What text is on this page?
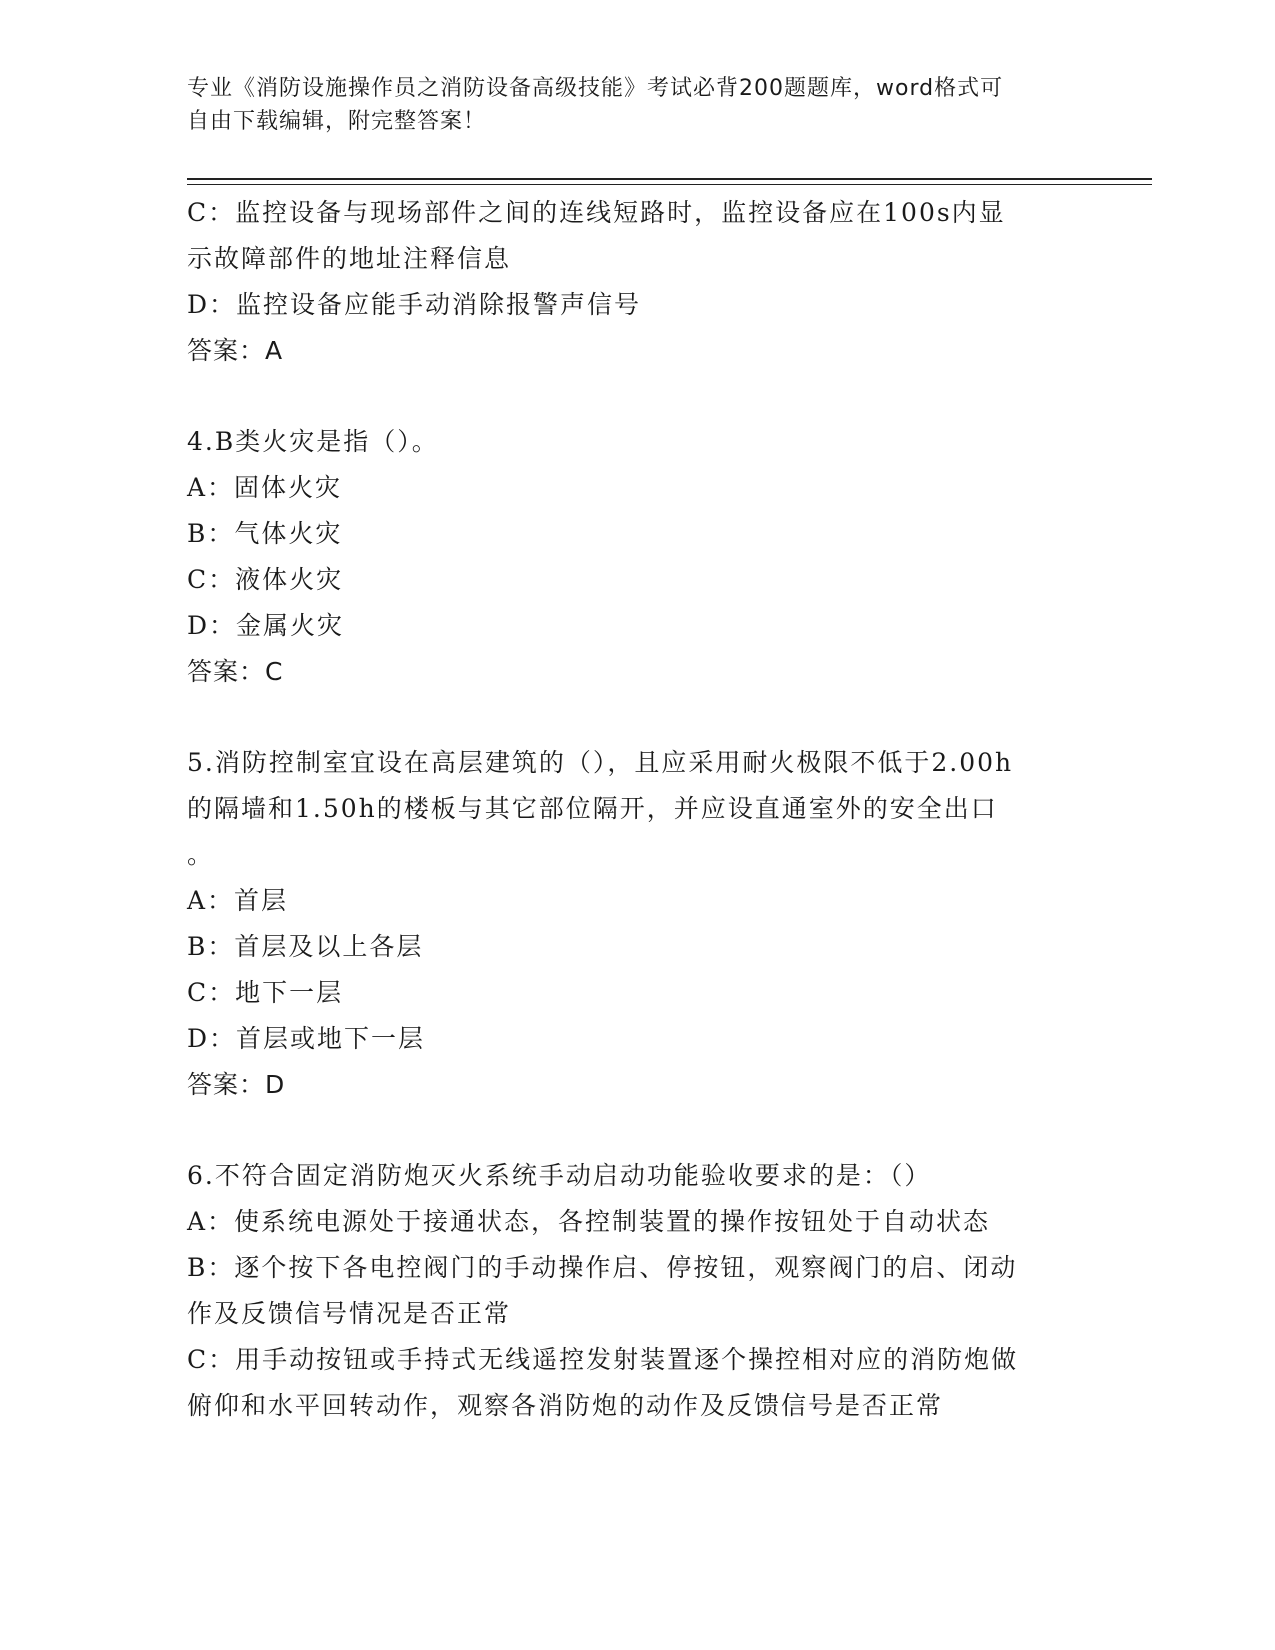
专业《消防设施操作员之消防设备高级技能》考试必背200题题库，word格式可
自由下载编辑，附完整答案！
C：监控设备与现场部件之间的连线短路时，监控设备应在100s内显
示故障部件的地址注释信息
D：监控设备应能手动消除报警声信号
答案：A
4.B类火灾是指（）。
A：固体火灾
B：气体火灾
C：液体火灾
D：金属火灾
答案：C
5.消防控制室宜设在高层建筑的（），且应采用耐火极限不低于2.00h
的隔墙和1.50h的楼板与其它部位隔开，并应设直通室外的安全出口
。
A：首层
B：首层及以上各层
C：地下一层
D：首层或地下一层
答案：D
6.不符合固定消防炮灭火系统手动启动功能验收要求的是：（）
A：使系统电源处于接通状态，各控制装置的操作按钮处于自动状态
B：逐个按下各电控阀门的手动操作启、停按钮，观察阀门的启、闭动
作及反馈信号情况是否正常
C：用手动按钮或手持式无线遥控发射装置逐个操控相对应的消防炮做
俯仰和水平回转动作，观察各消防炮的动作及反馈信号是否正常
